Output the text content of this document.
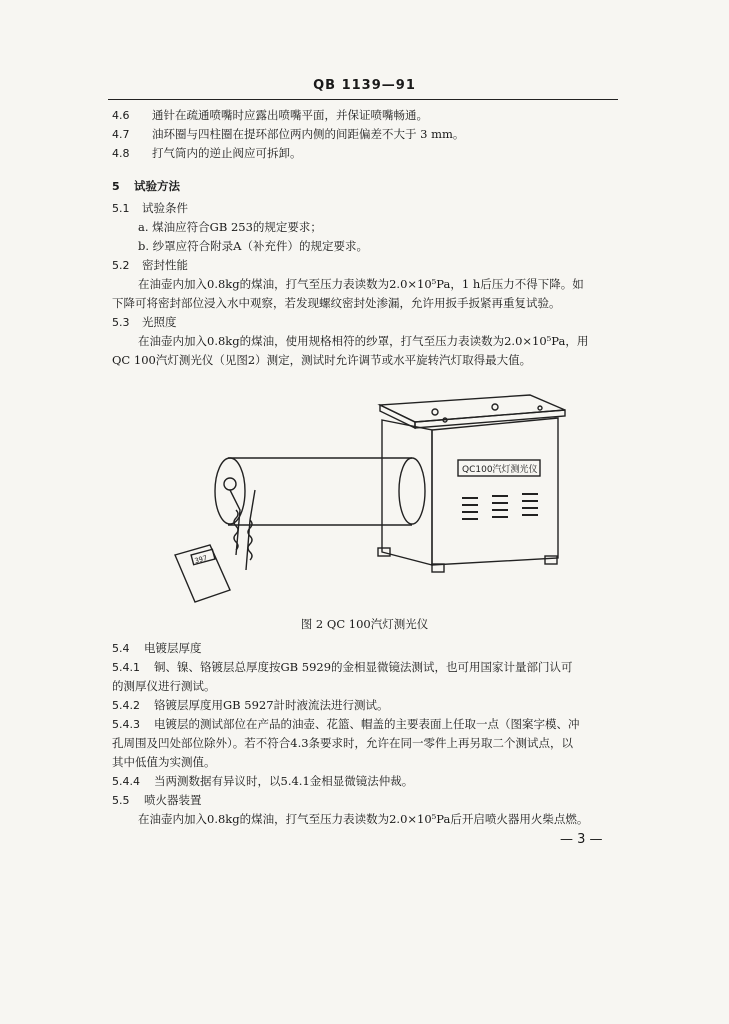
QB 1139—91
4.6 通针在疏通喷嘴时应露出喷嘴平面，并保证喷嘴畅通。
4.7 油环圈与四柱圈在提环部位两内侧的间距偏差不大于 3 mm。
4.8 打气筒内的逆止阀应可拆卸。
5 试验方法
5.1 试验条件
a. 煤油应符合GB 253的规定要求；
b. 纱罩应符合附录A（补充件）的规定要求。
5.2 密封性能
在油壶内加入0.8kg的煤油，打气至压力表读数为2.0×10⁵Pa，1 h后压力不得下降。如
下降可将密封部位浸入水中观察，若发现螺纹密封处渗漏，允许用扳手扳紧再重复试验。
5.3 光照度
在油壶内加入0.8kg的煤油，使用规格相符的纱罩，打气至压力表读数为2.0×10⁵Pa，用
QC 100汽灯测光仪（见图2）测定，测试时允许调节或水平旋转汽灯取得最大值。
QC100汽灯测光仪
397
图 2 QC 100汽灯测光仪
5.4 电镀层厚度
5.4.1 铜、镍、铬镀层总厚度按GB 5929的金相显微镜法测试，也可用国家计量部门认可
的测厚仪进行测试。
5.4.2 铬镀层厚度用GB 5927計时液流法进行测试。
5.4.3 电镀层的测试部位在产品的油壶、花篮、帽盖的主要表面上任取一点（图案字模、冲
孔周围及凹处部位除外）。若不符合4.3条要求时，允许在同一零件上再另取二个测试点，以
其中低值为实测值。
5.4.4 当两测数据有异议时，以5.4.1金相显微镜法仲裁。
5.5 喷火器装置
在油壶内加入0.8kg的煤油，打气至压力表读数为2.0×10⁵Pa后开启喷火器用火柴点燃。
— 3 —
